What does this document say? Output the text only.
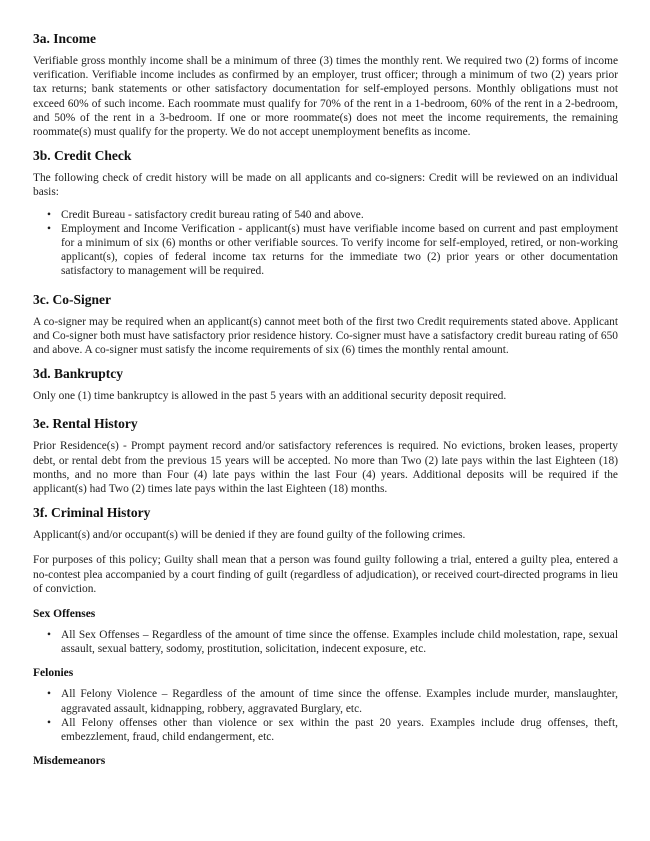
3a. Income

Verifiable gross monthly income shall be a minimum of three (3) times the monthly rent. We required two (2) forms of income verification. Verifiable income includes as confirmed by an employer, trust officer; through a minimum of two (2) years prior tax returns; bank statements or other satisfactory documentation for self-employed persons. Monthly obligations must not exceed 60% of such income. Each roommate must qualify for 70% of the rent in a 1-bedroom, 60% of the rent in a 2-bedroom, and 50% of the rent in a 3-bedroom. If one or more roommate(s) does not meet the income requirements, the remaining roommate(s) must qualify for the property. We do not accept unemployment benefits as income.

3b. Credit Check

The following check of credit history will be made on all applicants and co-signers: Credit will be reviewed on an individual basis:

• Credit Bureau - satisfactory credit bureau rating of 540 and above.
• Employment and Income Verification - applicant(s) must have verifiable income based on current and past employment for a minimum of six (6) months or other verifiable sources. To verify income for self-employed, retired, or non-working applicant(s), copies of federal income tax returns for the immediate two (2) prior years or other documentation satisfactory to management will be required.
3c. Co-Signer

A co-signer may be required when an applicant(s) cannot meet both of the first two Credit requirements stated above. Applicant and Co-signer both must have satisfactory prior residence history. Co-signer must have a satisfactory credit bureau rating of 650 and above. A co-signer must satisfy the income requirements of six (6) times the monthly rental amount.

3d. Bankruptcy

Only one (1) time bankruptcy is allowed in the past 5 years with an additional security deposit required.

3e. Rental History

Prior Residence(s) - Prompt payment record and/or satisfactory references is required. No evictions, broken leases, property debt, or rental debt from the previous 15 years will be accepted. No more than Two (2) late pays within the last Eighteen (18) months, and no more than Four (4) late pays within the last Four (4) years. Additional deposits will be required if the applicant(s) had Two (2) times late pays within the last Eighteen (18) months.

3f. Criminal History

Applicant(s) and/or occupant(s) will be denied if they are found guilty of the following crimes.

For purposes of this policy; Guilty shall mean that a person was found guilty following a trial, entered a guilty plea, entered a no-contest plea accompanied by a court finding of guilt (regardless of adjudication), or received court-directed programs in lieu of conviction.

Sex Offenses
• All Sex Offenses – Regardless of the amount of time since the offense. Examples include child molestation, rape, sexual assault, sexual battery, sodomy, prostitution, solicitation, indecent exposure, etc.
Felonies
• All Felony Violence – Regardless of the amount of time since the offense. Examples include murder, manslaughter, aggravated assault, kidnapping, robbery, aggravated Burglary, etc.
• All Felony offenses other than violence or sex within the past 20 years. Examples include drug offenses, theft, embezzlement, fraud, child endangerment, etc.
Misdemeanors
